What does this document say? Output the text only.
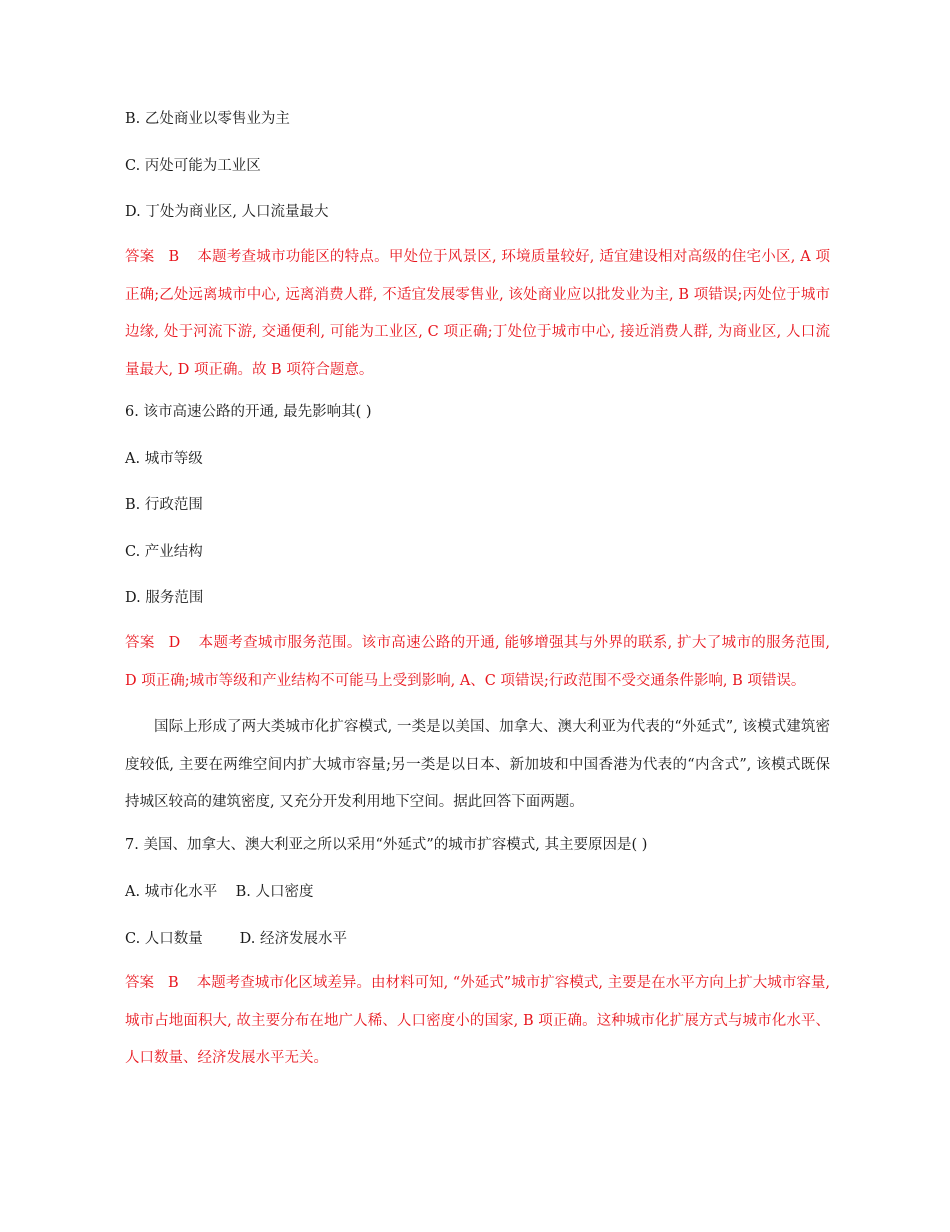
B. 乙处商业以零售业为主
C. 丙处可能为工业区
D. 丁处为商业区, 人口流量最大
答案 B 本题考查城市功能区的特点。甲处位于风景区, 环境质量较好, 适宜建设相对高级的住宅小区, A 项正确;乙处远离城市中心, 远离消费人群, 不适宜发展零售业, 该处商业应以批发业为主, B 项错误;丙处位于城市边缘, 处于河流下游, 交通便利, 可能为工业区, C 项正确;丁处位于城市中心, 接近消费人群, 为商业区, 人口流量最大, D 项正确。故 B 项符合题意。
6. 该市高速公路的开通, 最先影响其( )
A. 城市等级
B. 行政范围
C. 产业结构
D. 服务范围
答案 D 本题考查城市服务范围。该市高速公路的开通, 能够增强其与外界的联系, 扩大了城市的服务范围, D 项正确;城市等级和产业结构不可能马上受到影响, A、C 项错误;行政范围不受交通条件影响, B 项错误。
国际上形成了两大类城市化扩容模式, 一类是以美国、加拿大、澳大利亚为代表的“外延式”, 该模式建筑密度较低, 主要在两维空间内扩大城市容量;另一类是以日本、新加坡和中国香港为代表的“内含式”, 该模式既保持城区较高的建筑密度, 又充分开发利用地下空间。据此回答下面两题。
7. 美国、加拿大、澳大利亚之所以采用“外延式”的城市扩容模式, 其主要原因是( )
A. 城市化水平    B. 人口密度
C. 人口数量        D. 经济发展水平
答案 B 本题考查城市化区域差异。由材料可知, “外延式”城市扩容模式, 主要是在水平方向上扩大城市容量, 城市占地面积大, 故主要分布在地广人稀、人口密度小的国家, B 项正确。这种城市化扩展方式与城市化水平、人口数量、经济发展水平无关。
